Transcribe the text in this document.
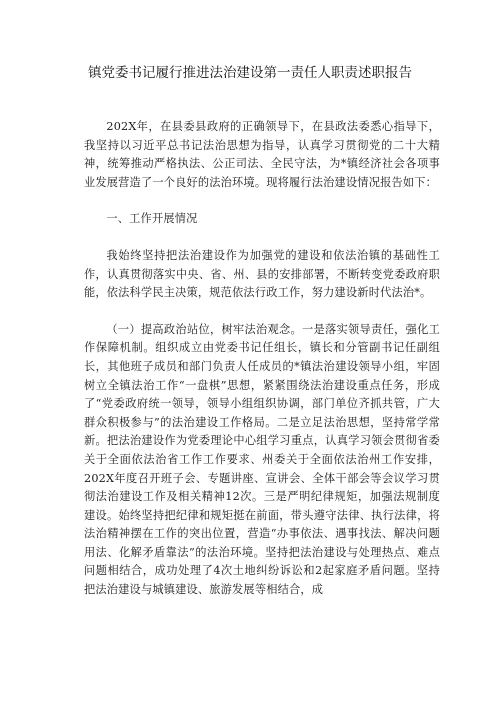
镇党委书记履行推进法治建设第一责任人职责述职报告

202X年，在县委县政府的正确领导下，在县政法委悉心指导下，我坚持以习近平总书记法治思想为指导，认真学习贯彻党的二十大精神，统筹推动严格执法、公正司法、全民守法，为*镇经济社会各项事业发展营造了一个良好的法治环境。现将履行法治建设情况报告如下：

一、工作开展情况

我始终坚持把法治建设作为加强党的建设和依法治镇的基础性工作，认真贯彻落实中央、省、州、县的安排部署，不断转变党委政府职能，依法科学民主决策，规范依法行政工作，努力建设新时代法治*。

（一）提高政治站位，树牢法治观念。一是落实领导责任，强化工作保障机制。组织成立由党委书记任组长，镇长和分管副书记任副组长，其他班子成员和部门负责人任成员的*镇法治建设领导小组，牢固树立全镇法治工作“一盘棋”思想，紧紧围绕法治建设重点任务，形成了“党委政府统一领导，领导小组组织协调，部门单位齐抓共管，广大群众积极参与”的法治建设工作格局。二是立足法治思想，坚持常学常新。把法治建设作为党委理论中心组学习重点，认真学习领会贯彻省委关于全面依法治省工作工作要求、州委关于全面依法治州工作安排，202X年度召开班子会、专题讲座、宣讲会、全体干部会等会议学习贯彻法治建设工作及相关精神12次。三是严明纪律规矩，加强法规制度建设。始终坚持把纪律和规矩挺在前面，带头遵守法律、执行法律，将法治精神摆在工作的突出位置，营造“办事依法、遇事找法、解决问题用法、化解矛盾靠法”的法治环境。坚持把法治建设与处理热点、难点问题相结合，成功处理了4次土地纠纷诉讼和2起家庭矛盾问题。坚持把法治建设与城镇建设、旅游发展等相结合，成
